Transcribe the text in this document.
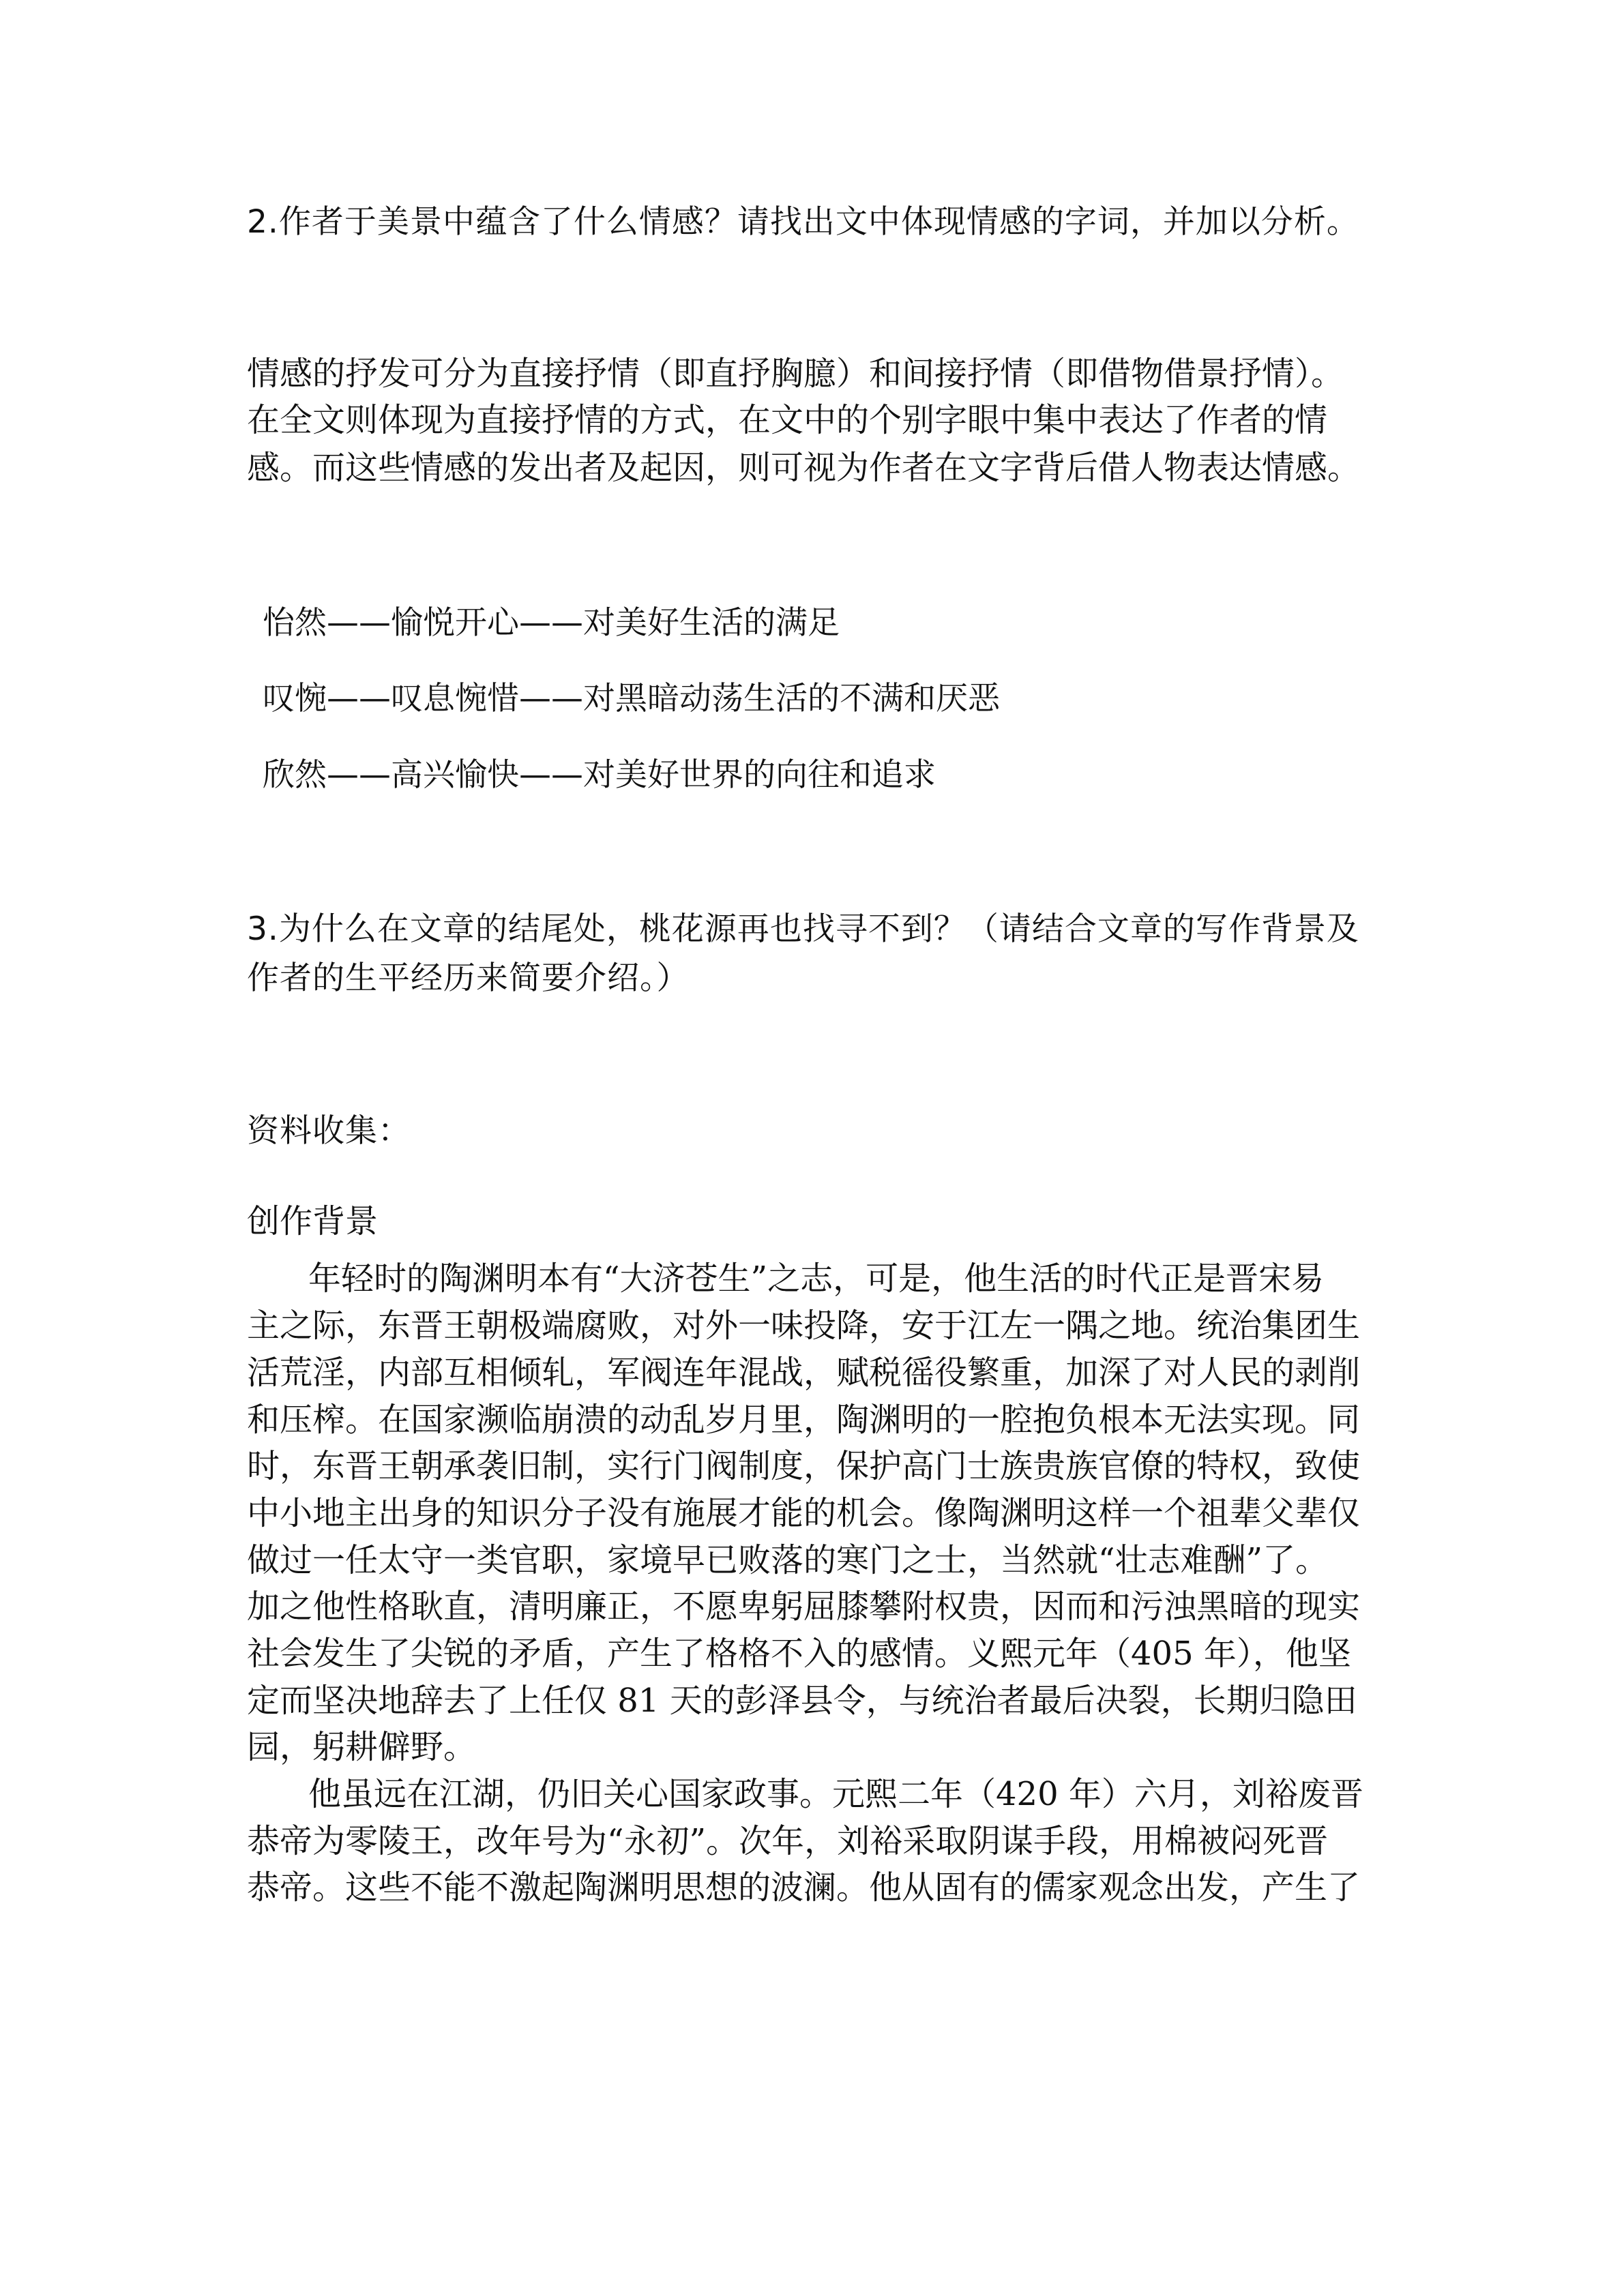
2.作者于美景中蕴含了什么情感？请找出文中体现情感的字词，并加以分析。
情感的抒发可分为直接抒情（即直抒胸臆）和间接抒情（即借物借景抒情）。
在全文则体现为直接抒情的方式，在文中的个别字眼中集中表达了作者的情
感。而这些情感的发出者及起因，则可视为作者在文字背后借人物表达情感。
怡然——愉悦开心——对美好生活的满足
叹惋——叹息惋惜——对黑暗动荡生活的不满和厌恶
欣然——高兴愉快——对美好世界的向往和追求
3.为什么在文章的结尾处，桃花源再也找寻不到？（请结合文章的写作背景及
作者的生平经历来简要介绍。）
资料收集：
创作背景
年轻时的陶渊明本有“大济苍生”之志，可是，他生活的时代正是晋宋易
主之际，东晋王朝极端腐败，对外一味投降，安于江左一隅之地。统治集团生
活荒淫，内部互相倾轧，军阀连年混战，赋税徭役繁重，加深了对人民的剥削
和压榨。在国家濒临崩溃的动乱岁月里，陶渊明的一腔抱负根本无法实现。同
时，东晋王朝承袭旧制，实行门阀制度，保护高门士族贵族官僚的特权，致使
中小地主出身的知识分子没有施展才能的机会。像陶渊明这样一个祖辈父辈仅
做过一任太守一类官职，家境早已败落的寒门之士，当然就“壮志难酬”了。
加之他性格耿直，清明廉正，不愿卑躬屈膝攀附权贵，因而和污浊黑暗的现实
社会发生了尖锐的矛盾，产生了格格不入的感情。义熙元年（405 年），他坚
定而坚决地辞去了上任仅 81 天的彭泽县令，与统治者最后决裂，长期归隐田
园，躬耕僻野。
他虽远在江湖，仍旧关心国家政事。元熙二年（420 年）六月，刘裕废晋
恭帝为零陵王，改年号为“永初”。次年，刘裕采取阴谋手段，用棉被闷死晋
恭帝。这些不能不激起陶渊明思想的波澜。他从固有的儒家观念出发，产生了
